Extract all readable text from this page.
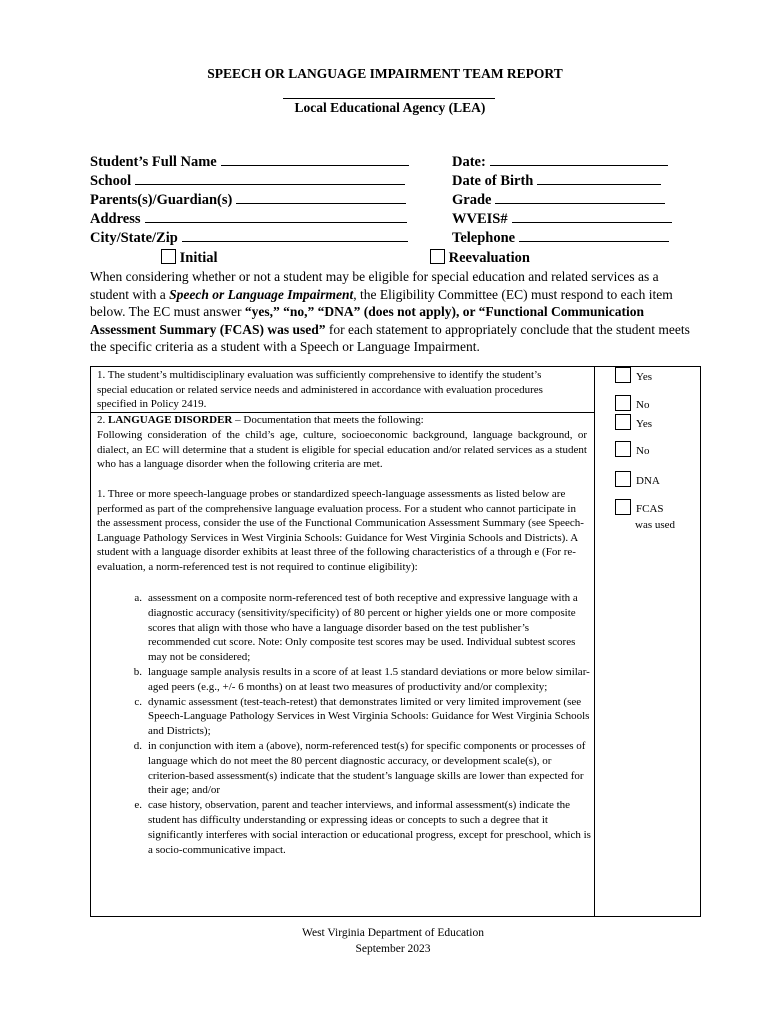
SPEECH OR LANGUAGE IMPAIRMENT TEAM REPORT
Local Educational Agency (LEA)
Student’s Full Name
School
Parents(s)/Guardian(s)
Address
City/State/Zip
Initial
Date:
Date of Birth
Grade
WVEIS#
Telephone
Reevaluation
When considering whether or not a student may be eligible for special education and related services as a student with a Speech or Language Impairment, the Eligibility Committee (EC) must respond to each item below. The EC must answer “yes,” “no,” “DNA” (does not apply), or “Functional Communication Assessment Summary (FCAS) was used” for each statement to appropriately conclude that the student meets the specific criteria as a student with a Speech or Language Impairment.
1. The student’s multidisciplinary evaluation was sufficiently comprehensive to identify the student’s special education or related service needs and administered in accordance with evaluation procedures specified in Policy 2419.
Yes
No
2. LANGUAGE DISORDER – Documentation that meets the following:
Following consideration of the child’s age, culture, socioeconomic background, language background, or dialect, an EC will determine that a student is eligible for special education and/or related services as a student who has a language disorder when the following criteria are met.
1. Three or more speech-language probes or standardized speech-language assessments as listed below are performed as part of the comprehensive language evaluation process. For a student who cannot participate in the assessment process, consider the use of the Functional Communication Assessment Summary (see Speech-Language Pathology Services in West Virginia Schools: Guidance for West Virginia Schools and Districts). A student with a language disorder exhibits at least three of the following characteristics of a through e (For re-evaluation, a norm-referenced test is not required to continue eligibility):
a. assessment on a composite norm-referenced test of both receptive and expressive language with a diagnostic accuracy (sensitivity/specificity) of 80 percent or higher yields one or more composite scores that align with those who have a language disorder based on the test publisher’s recommended cut score. Note: Only composite test scores may be used. Individual subtest scores may not be considered;
b. language sample analysis results in a score of at least 1.5 standard deviations or more below similar-aged peers (e.g., +/- 6 months) on at least two measures of productivity and/or complexity;
c. dynamic assessment (test-teach-retest) that demonstrates limited or very limited improvement (see Speech-Language Pathology Services in West Virginia Schools: Guidance for West Virginia Schools and Districts);
d. in conjunction with item a (above), norm-referenced test(s) for specific components or processes of language which do not meet the 80 percent diagnostic accuracy, or development scale(s), or criterion-based assessment(s) indicate that the student’s language skills are lower than expected for their age; and/or
e. case history, observation, parent and teacher interviews, and informal assessment(s) indicate the student has difficulty understanding or expressing ideas or concepts to such a degree that it significantly interferes with social interaction or educational progress, except for preschool, which is a socio-communicative impact.
Yes
No
DNA
FCAS
was used
West Virginia Department of Education
September 2023
